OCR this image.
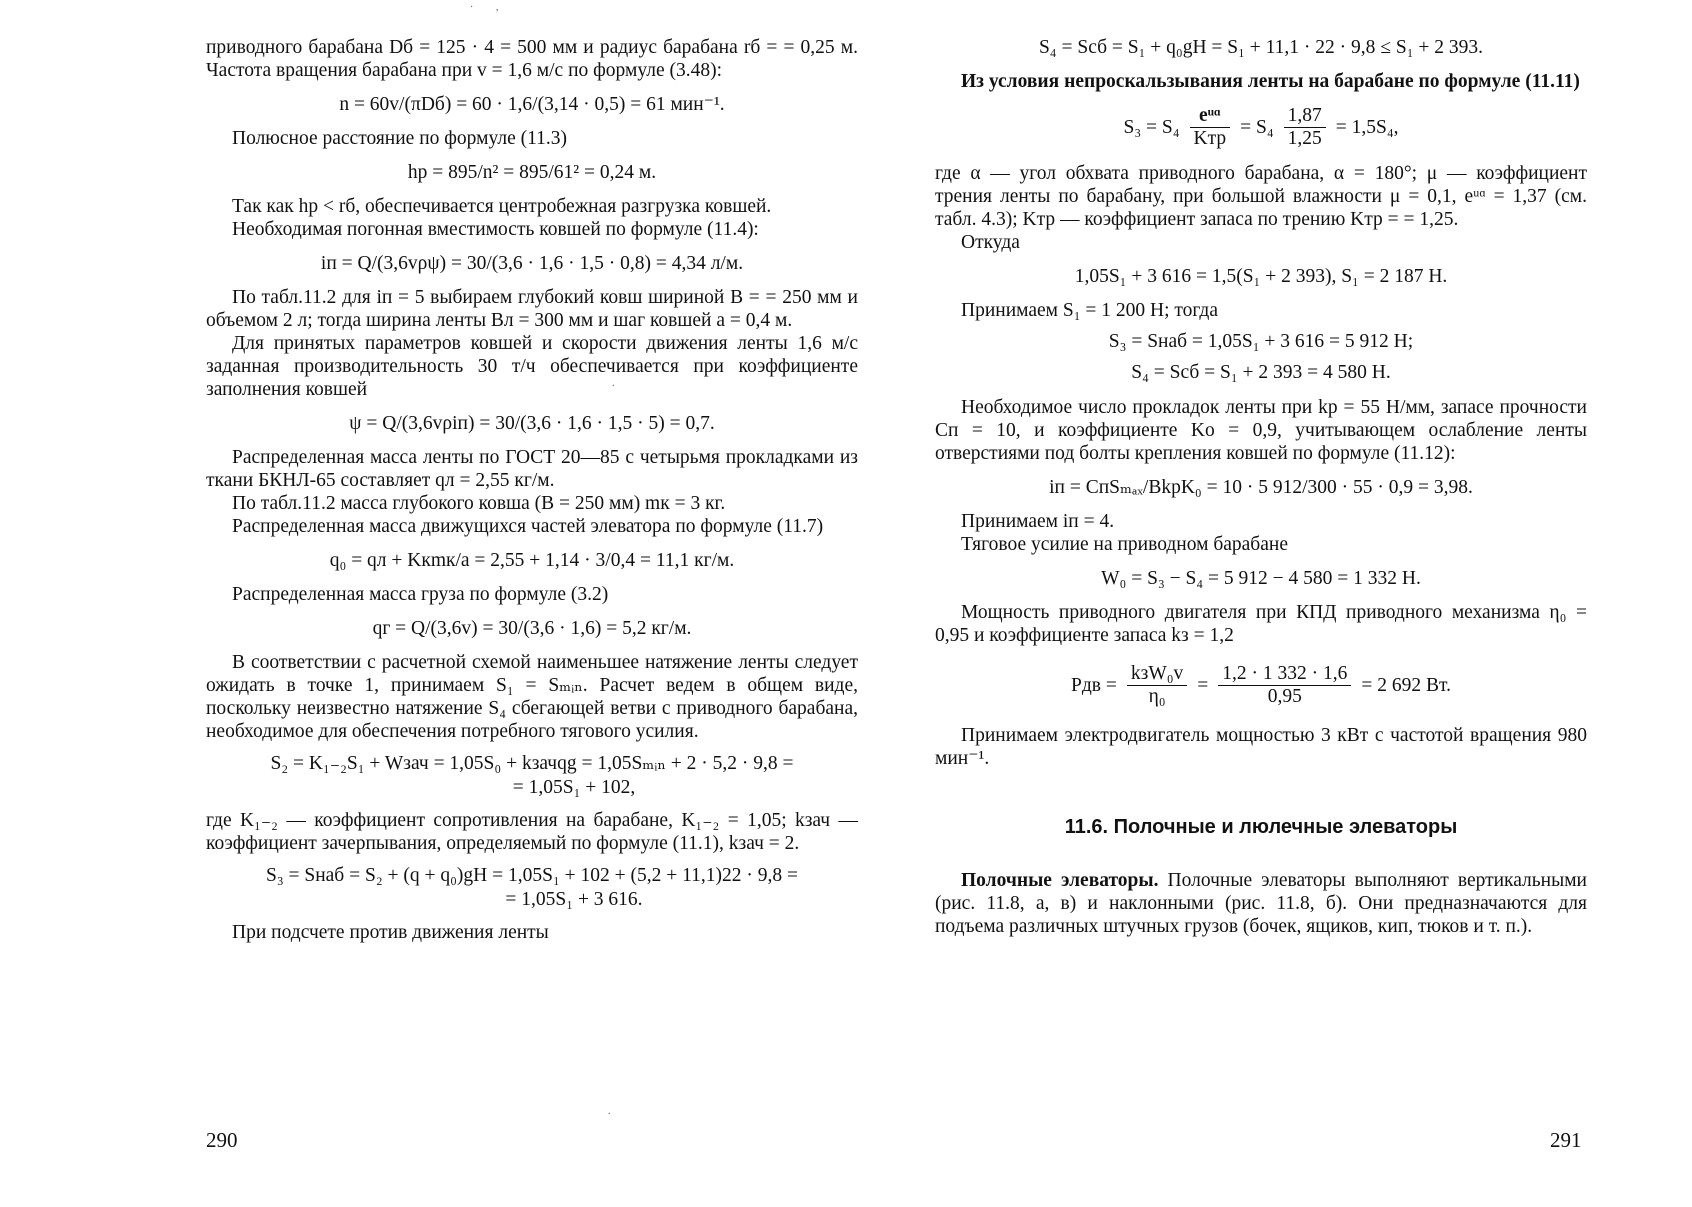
· ,

приводного барабана Dб = 125 · 4 = 500 мм и радиус барабана rб = = 0,25 м. Частота вращения барабана при v = 1,6 м/с по формуле (3.48):

n = 60v/(πDб) = 60 · 1,6/(3,14 · 0,5) = 61 мин⁻¹.

Полюсное расстояние по формуле (11.3)

hр = 895/n² = 895/61² = 0,24 м.

Так как hр < rб, обеспечивается центробежная разгрузка ковшей.

Необходимая погонная вместимость ковшей по формуле (11.4):

iп = Q/(3,6vρψ) = 30/(3,6 · 1,6 · 1,5 · 0,8) = 4,34 л/м.

По табл.11.2 для iп = 5 выбираем глубокий ковш шириной B = = 250 мм и объемом 2 л; тогда ширина ленты Bл = 300 мм и шаг ковшей a = 0,4 м.

Для принятых параметров ковшей и скорости движения ленты 1,6 м/с заданная производительность 30 т/ч обеспечивается при коэффициенте заполнения ковшей

ψ = Q/(3,6vρiп) = 30/(3,6 · 1,6 · 1,5 · 5) = 0,7.

Распределенная масса ленты по ГОСТ 20—85 с четырьмя прокладками из ткани БКНЛ-65 составляет qл = 2,55 кг/м.

По табл.11.2 масса глубокого ковша (B = 250 мм) mк = 3 кг.

Распределенная масса движущихся частей элеватора по формуле (11.7)

q₀ = qл + Kкmк/a = 2,55 + 1,14 · 3/0,4 = 11,1 кг/м.

Распределенная масса груза по формуле (3.2)

qг = Q/(3,6v) = 30/(3,6 · 1,6) = 5,2 кг/м.

В соответствии с расчетной схемой наименьшее натяжение ленты следует ожидать в точке 1, принимаем S₁ = Sₘᵢₙ. Расчет ведем в общем виде, поскольку неизвестно натяжение S₄ сбегающей ветви с приводного барабана, необходимое для обеспечения потребного тягового усилия.

S₂ = K₁₋₂S₁ + Wзач = 1,05S₀ + kзачqg = 1,05Sₘᵢₙ + 2 · 5,2 · 9,8 =
= 1,05S₁ + 102,

где K₁₋₂ — коэффициент сопротивления на барабане, K₁₋₂ = 1,05; kзач — коэффициент зачерпывания, определяемый по формуле (11.1), kзач = 2.

S₃ = Sнаб = S₂ + (q + q₀)gH = 1,05S₁ + 102 + (5,2 + 11,1)22 · 9,8 =
= 1,05S₁ + 3 616.

При подсчете против движения ленты

S₄ = Sсб = S₁ + q₀gH = S₁ + 11,1 · 22 · 9,8 ≤ S₁ + 2 393.

Из условия непроскальзывания ленты на барабане по формуле (11.11)

$S_3 = S_4 \frac{\text{eᵘᵅ}}{\text{Kтр}} = S_4 \frac{1,87}{1,25} = 1,5S_4$,

где α — угол обхвата приводного барабана, α = 180°; μ — коэффициент трения ленты по барабану, при большой влажности μ = 0,1, eᵘᵅ = 1,37 (см. табл. 4.3); Kтр — коэффициент запаса по трению Kтр = = 1,25.

Откуда

1,05S₁ + 3 616 = 1,5(S₁ + 2 393), S₁ = 2 187 Н.

Принимаем S₁ = 1 200 Н; тогда

S₃ = Sнаб = 1,05S₁ + 3 616 = 5 912 Н;
S₄ = Sсб = S₁ + 2 393 = 4 580 Н.

Необходимое число прокладок ленты при kр = 55 Н/мм, запасе прочности Cп = 10, и коэффициенте Kо = 0,9, учитывающем ослабление ленты отверстиями под болты крепления ковшей по формуле (11.12):

iп = CпSₘₐₓ/BkрK₀ = 10 · 5 912/300 · 55 · 0,9 = 3,98.

Принимаем iп = 4.

Тяговое усилие на приводном барабане

W₀ = S₃ − S₄ = 5 912 − 4 580 = 1 332 Н.

Мощность приводного двигателя при КПД приводного механизма η₀ = 0,95 и коэффициенте запаса kз = 1,2

Pдв = $\frac{\text{kзW₀v}}{\text{η₀}} = \frac{1,2 \cdot 1 332 \cdot 1,6}{0,95} = 2$ 692 Вт.

Принимаем электродвигатель мощностью 3 кВт с частотой вращения 980 мин⁻¹.

11.6. Полочные и люлечные элеваторы

Полочные элеваторы. Полочные элеваторы выполняют вертикальными (рис. 11.8, а, в) и наклонными (рис. 11.8, б). Они предназначаются для подъема различных штучных грузов (бочек, ящиков, кип, тюков и т. п.).

.
.
290	291
